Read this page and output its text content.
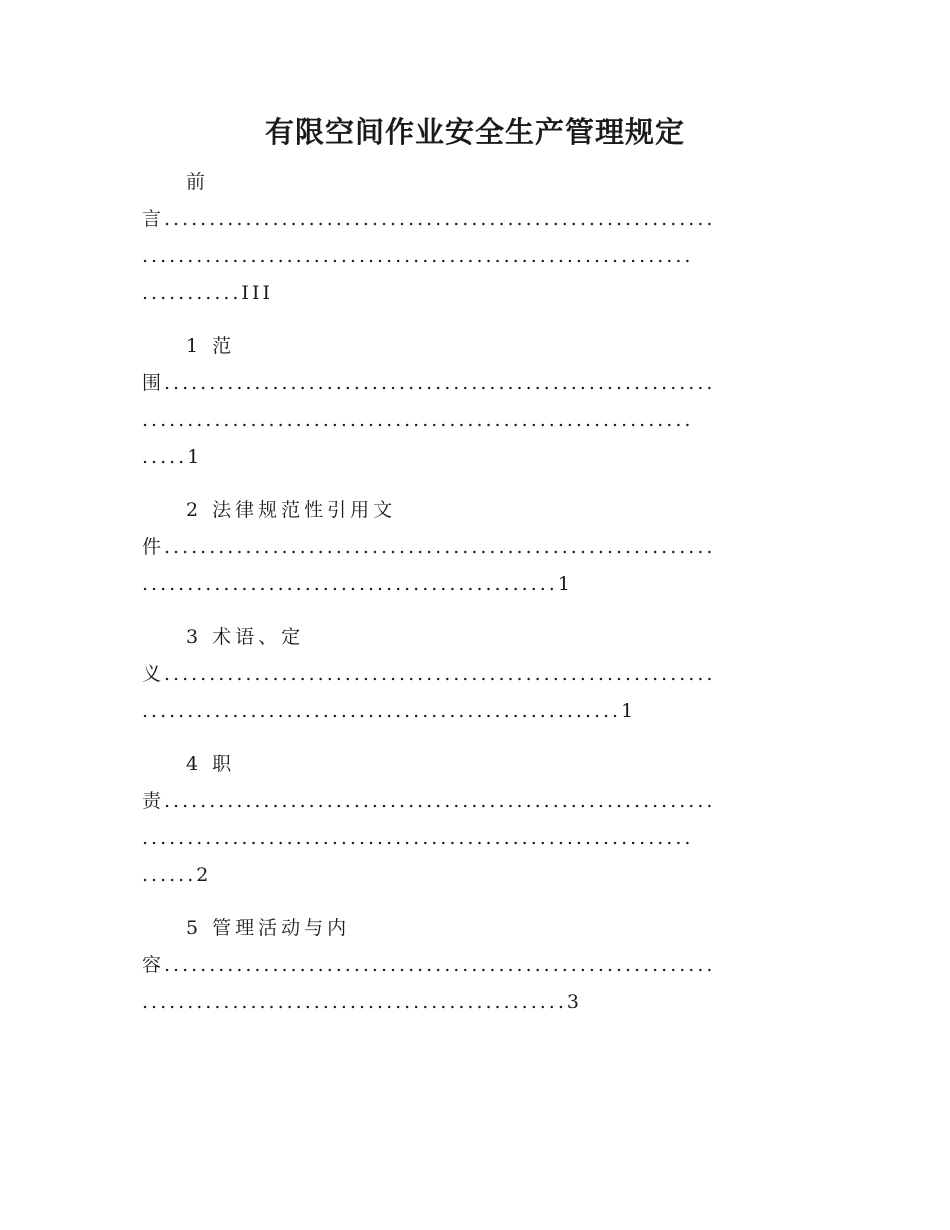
有限空间作业安全生产管理规定
前
言.............................................................
.............................................................
...........III
1 范
围.............................................................
.............................................................
.....1
2 法律规范性引用文
件.............................................................
..............................................1
3 术语、定
义.............................................................
.....................................................1
4 职
责.............................................................
.............................................................
......2
5 管理活动与内
容.............................................................
...............................................3
